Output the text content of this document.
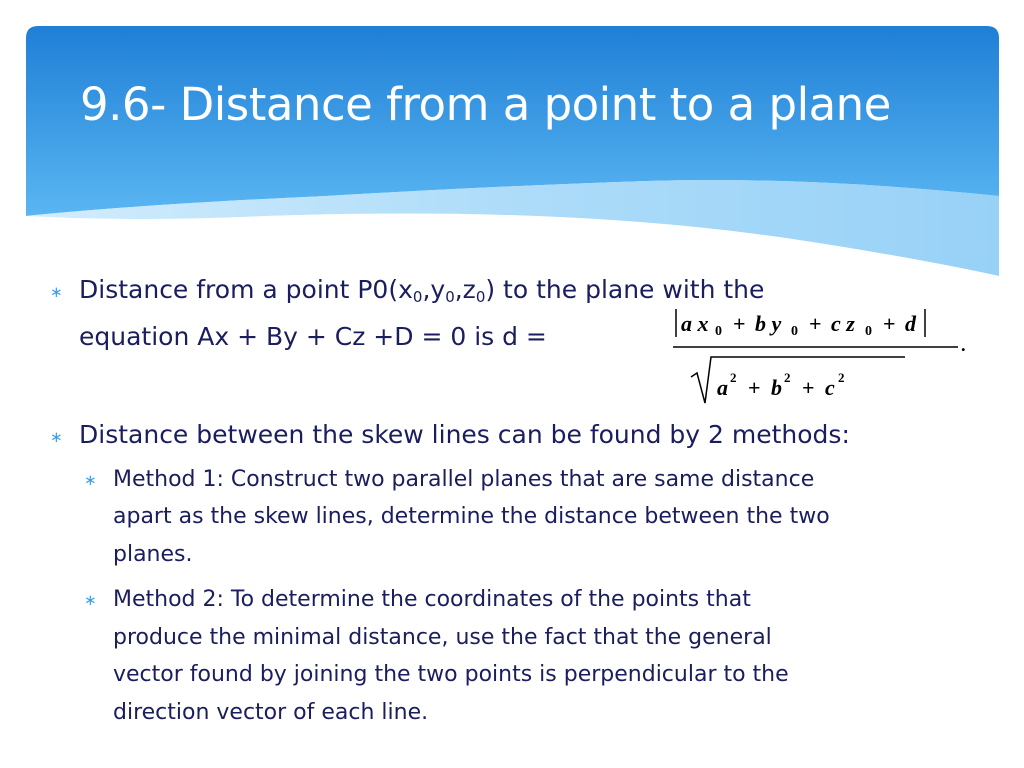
9.6- Distance from a point to a plane
∗ Distance from a point $P0(x_0,y_0,z_0)$ to the plane with the
equation Ax + By + Cz +D = 0 is d =	a x 0 + b y 0 + c z 0 + d
.
a 2 + b 2 + c 2
∗ Distance between the skew lines can be found by 2 methods:
∗ Method 1: Construct two parallel planes that are same distance
apart as the skew lines, determine the distance between the two
planes.
∗ Method 2: To determine the coordinates of the points that
produce the minimal distance, use the fact that the general
vector found by joining the two points is perpendicular to the
direction vector of each line.
